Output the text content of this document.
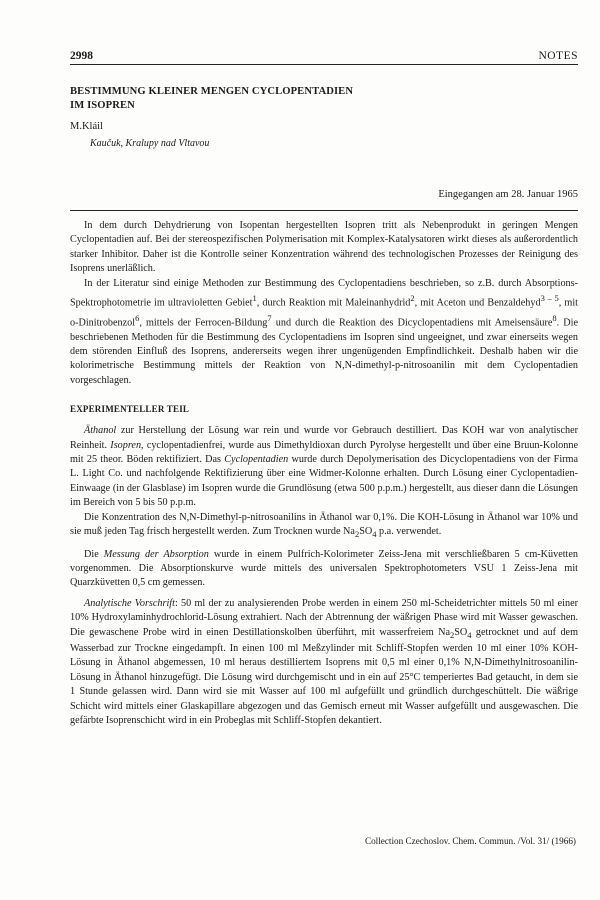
2998	NOTES
BESTIMMUNG KLEINER MENGEN CYCLOPENTADIEN
IM ISOPREN
M.Kláil
Kaučuk, Kralupy nad Vltavou
Eingegangen am 28. Januar 1965

In dem durch Dehydrierung von Isopentan hergestellten Isopren tritt als Nebenprodukt in geringen Mengen Cyclopentadien auf. Bei der stereospezifischen Polymerisation mit Komplex-Katalysatoren wirkt dieses als außerordentlich starker Inhibitor. Daher ist die Kontrolle seiner Konzentration während des technologischen Prozesses der Reinigung des Isoprens unerläßlich.

In der Literatur sind einige Methoden zur Bestimmung des Cyclopentadiens beschrieben, so z.B. durch Absorptions-Spektrophotometrie im ultravioletten Gebiet$^1$, durch Reaktion mit Maleinanhydrid$^2$, mit Aceton und Benzaldehyd$^{3 - 5}$, mit o-Dinitrobenzol$^6$, mittels der Ferrocen-Bildung$^7$ und durch die Reaktion des Dicyclopentadiens mit Ameisensäure$^8$. Die beschriebenen Methoden für die Bestimmung des Cyclopentadiens im Isopren sind ungeeignet, und zwar einerseits wegen dem störenden Einfluß des Isoprens, andererseits wegen ihrer ungenügenden Empfindlichkeit. Deshalb haben wir die kolorimetrische Bestimmung mittels der Reaktion von N,N-dimethyl-p-nitrosoanilin mit dem Cyclopentadien vorgeschlagen.

EXPERIMENTELLER TEIL

Äthanol zur Herstellung der Lösung war rein und wurde vor Gebrauch destilliert. Das KOH war von analytischer Reinheit. Isopren, cyclopentadienfrei, wurde aus Dimethyldioxan durch Pyrolyse hergestellt und über eine Bruun-Kolonne mit 25 theor. Böden rektifiziert. Das Cyclopentadien wurde durch Depolymerisation des Dicyclopentadiens von der Firma L. Light Co. und nachfolgende Rektifizierung über eine Widmer-Kolonne erhalten. Durch Lösung einer Cyclopentadien-Einwaage (in der Glasblase) im Isopren wurde die Grundlösung (etwa 500 p.p.m.) hergestellt, aus dieser dann die Lösungen im Bereich von 5 bis 50 p.p.m.

Die Konzentration des N,N-Dimethyl-p-nitrosoanilins in Äthanol war 0,1%. Die KOH-Lösung in Äthanol war 10% und sie muß jeden Tag frisch hergestellt werden. Zum Trocknen wurde $Na_2SO_4$ p.a. verwendet.

Die Messung der Absorption wurde in einem Pulfrich-Kolorimeter Zeiss-Jena mit verschließbaren 5 cm-Küvetten vorgenommen. Die Absorptionskurve wurde mittels des universalen Spektrophotometers VSU 1 Zeiss-Jena mit Quarzküvetten 0,5 cm gemessen.

Analytische Vorschrift: 50 ml der zu analysierenden Probe werden in einem 250 ml-Scheidetrichter mittels 50 ml einer 10% Hydroxylaminhydrochlorid-Lösung extrahiert. Nach der Abtrennung der wäßrigen Phase wird mit Wasser gewaschen. Die gewaschene Probe wird in einen Destillationskolben überführt, mit wasserfreiem $Na_2SO_4$ getrocknet und auf dem Wasserbad zur Trockne eingedampft. In einen 100 ml Meßzylinder mit Schliff-Stopfen werden 10 ml einer 10% KOH-Lösung in Äthanol abgemessen, 10 ml heraus destilliertem Isoprens mit 0,5 ml einer 0,1% N,N-Dimethylnitrosoanilin-Lösung in Äthanol hinzugefügt. Die Lösung wird durchgemischt und in ein auf 25°C temperiertes Bad getaucht, in dem sie 1 Stunde gelassen wird. Dann wird sie mit Wasser auf 100 ml aufgefüllt und gründlich durchgeschüttelt. Die wäßrige Schicht wird mittels einer Glaskapillare abgezogen und das Gemisch erneut mit Wasser aufgefüllt und ausgewaschen. Die gefärbte Isoprenschicht wird in ein Probeglas mit Schliff-Stopfen dekantiert.

Collection Czechoslov. Chem. Commun. /Vol. 31/ (1966)
